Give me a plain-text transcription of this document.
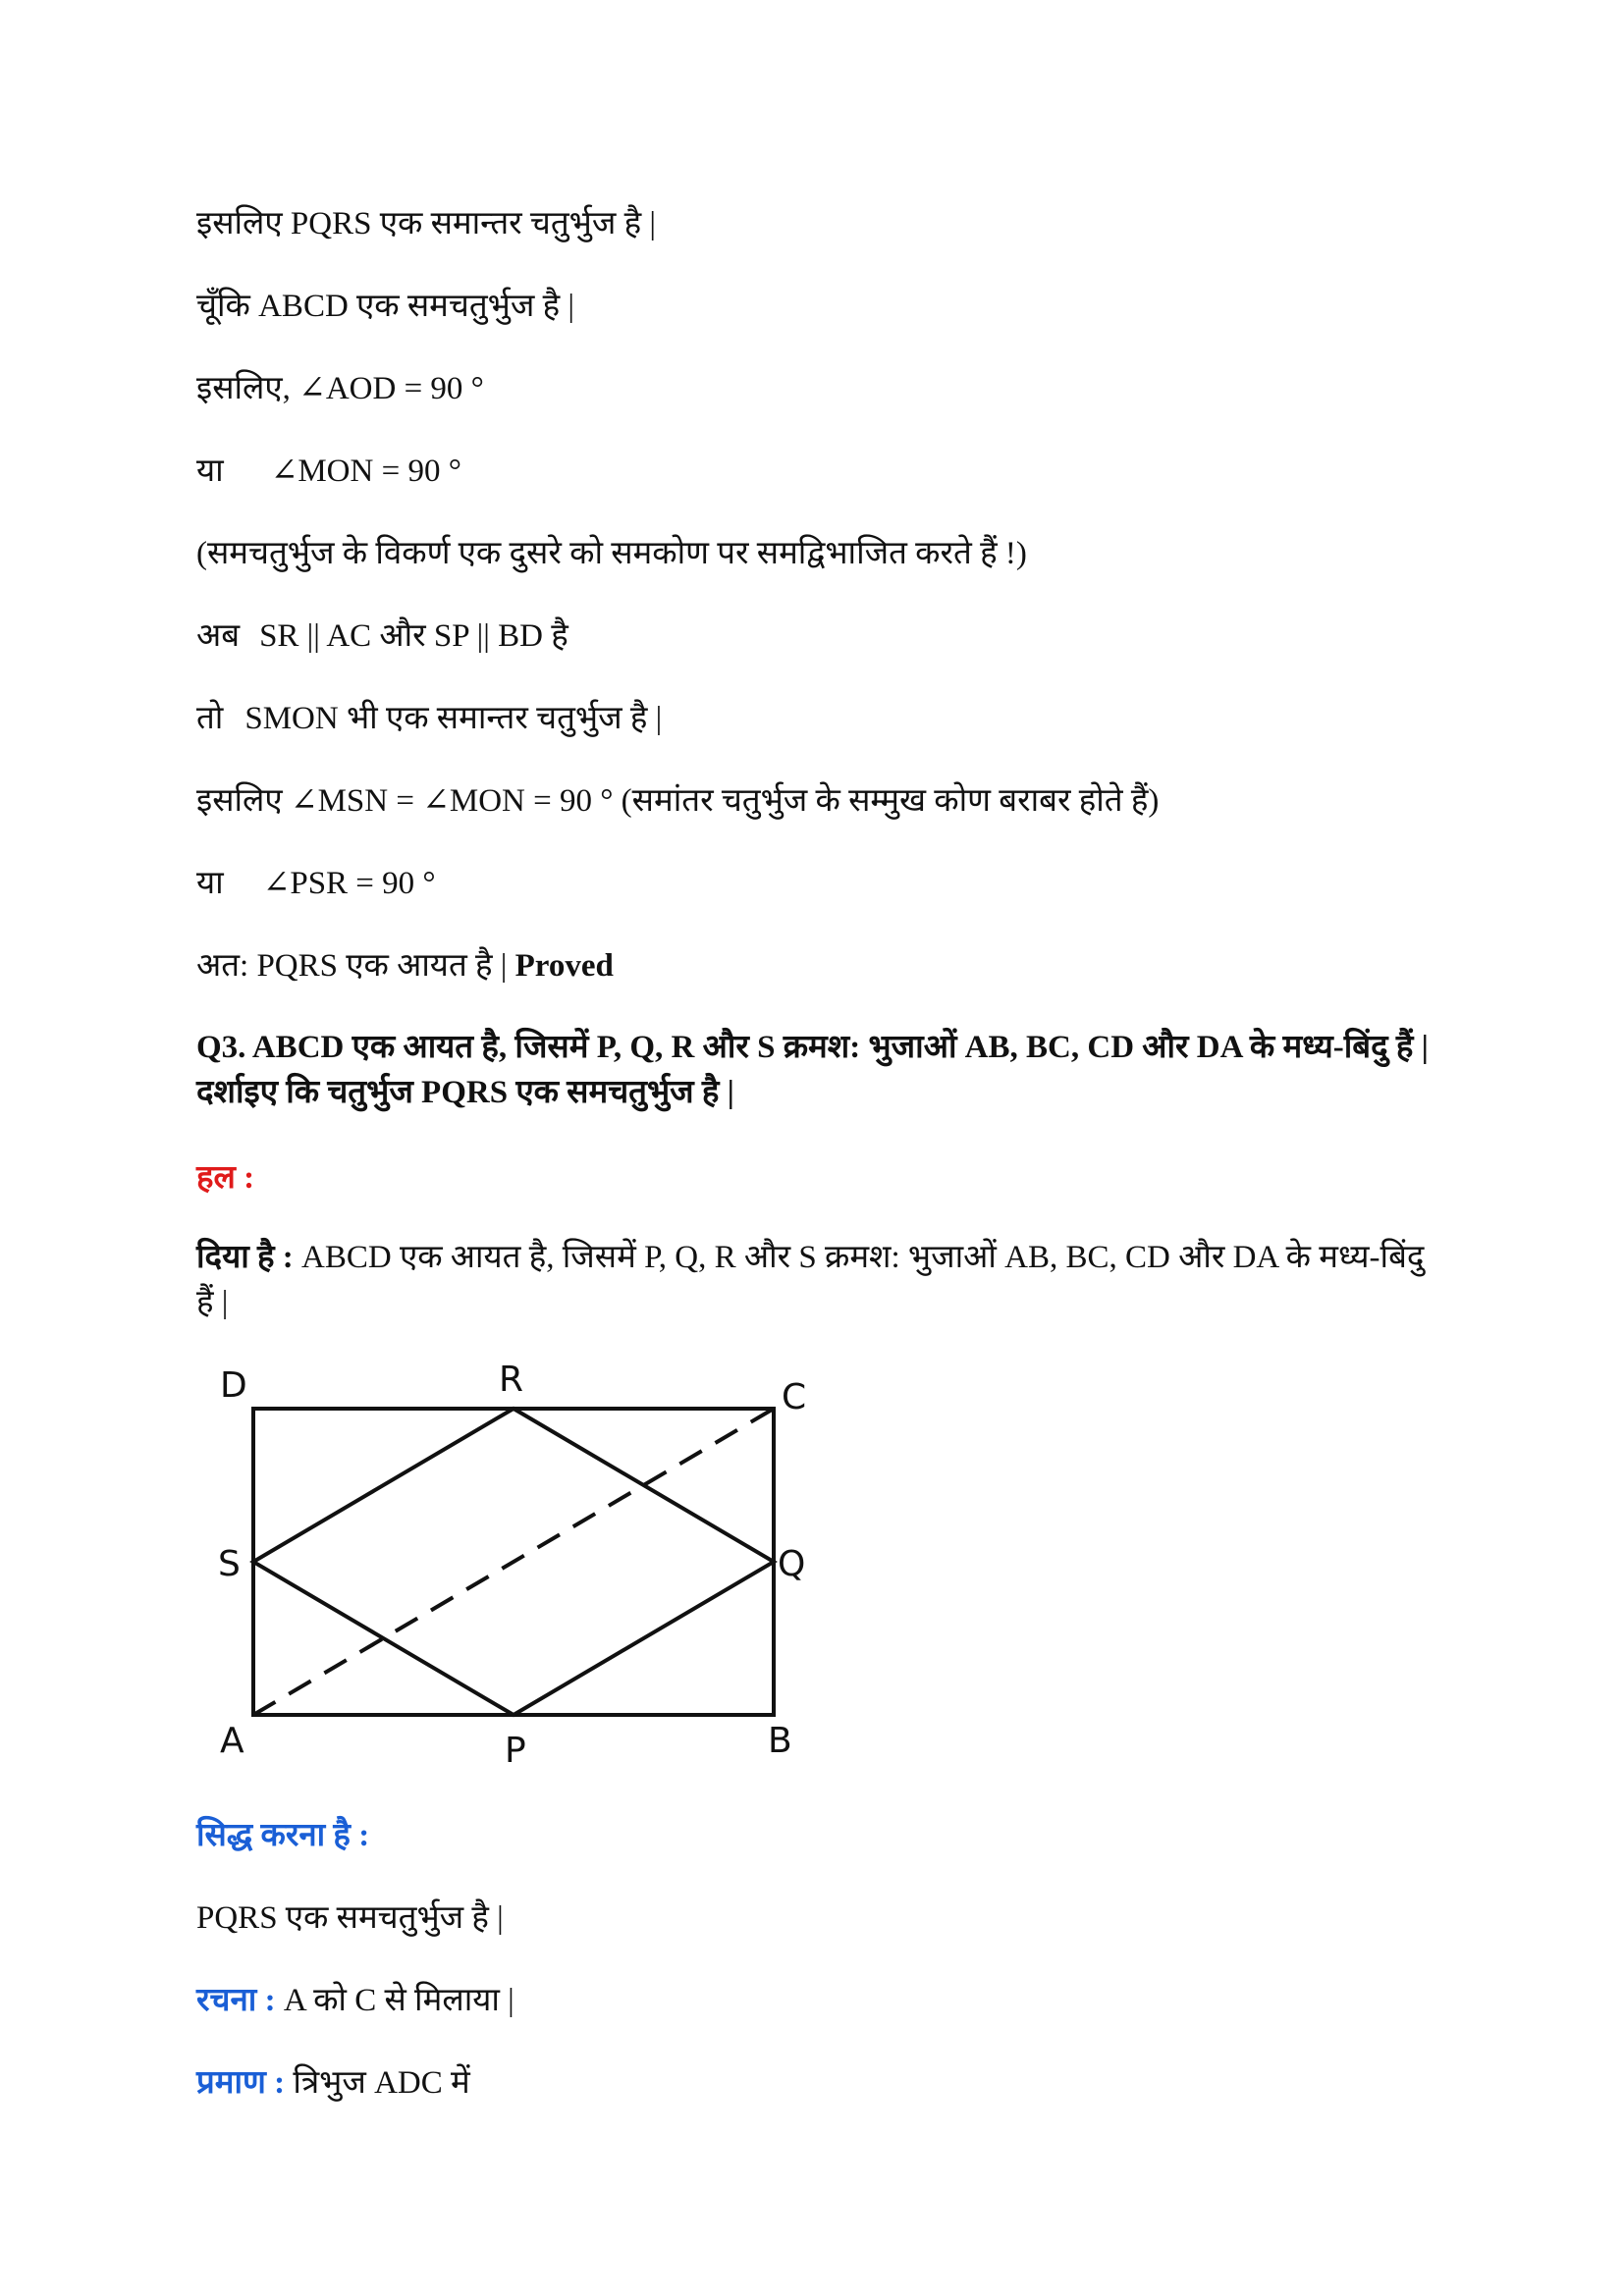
इसलिए PQRS एक समान्तर चतुर्भुज है |
चूँकि ABCD एक समचतुर्भुज है |
इसलिए, ∠AOD = 90 °
या ∠MON = 90 °
(समचतुर्भुज के विकर्ण एक दुसरे को समकोण पर समद्विभाजित करते हैं !)
अब SR || AC और SP || BD है
तो SMON भी एक समान्तर चतुर्भुज है |
इसलिए ∠MSN = ∠MON = 90 ° (समांतर चतुर्भुज के सम्मुख कोण बराबर होते हैं)
या ∠PSR = 90 °
अत: PQRS एक आयत है | Proved
Q3. ABCD एक आयत है, जिसमें P, Q, R और S क्रमश: भुजाओं AB, BC, CD और DA के मध्य-बिंदु हैं | दर्शाइए कि चतुर्भुज PQRS एक समचतुर्भुज है |
हल :
दिया है : ABCD एक आयत है, जिसमें P, Q, R और S क्रमश: भुजाओं AB, BC, CD और DA के मध्य-बिंदु हैं |
A	B
C
D
P
Q
R
S
सिद्ध करना है :
PQRS एक समचतुर्भुज है |
रचना : A को C से मिलाया |
प्रमाण : त्रिभुज ADC में
